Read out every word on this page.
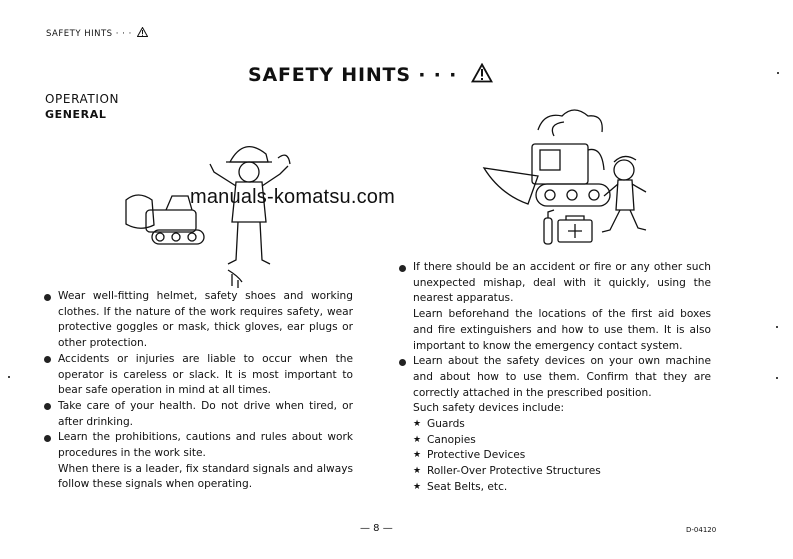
SAFETY HINTS · · ·
SAFETY HINTS · · ·
OPERATION
GENERAL
manuals-komatsu.com
Wear well-fitting helmet, safety shoes and working clothes. If the nature of the work requires safety, wear protective goggles or mask, thick gloves, ear plugs or other protection.
Accidents or injuries are liable to occur when the operator is careless or slack. It is most important to bear safe operation in mind at all times.
Take care of your health. Do not drive when tired, or after drinking.
Learn the prohibitions, cautions and rules about work procedures in the work site.

When there is a leader, fix standard signals and always follow these signals when operating.

If there should be an accident or fire or any other such unexpected mishap, deal with it quickly, using the nearest apparatus.

Learn beforehand the locations of the first aid boxes and fire extinguishers and how to use them. It is also important to know the emergency contact system.

Learn about the safety devices on your own machine and about how to use them. Confirm that they are correctly attached in the prescribed position.

Such safety devices include:

★ Guards
★ Canopies
★ Protective Devices
★ Roller-Over Protective Structures
★ Seat Belts, etc.
— 8 —	D-04120
